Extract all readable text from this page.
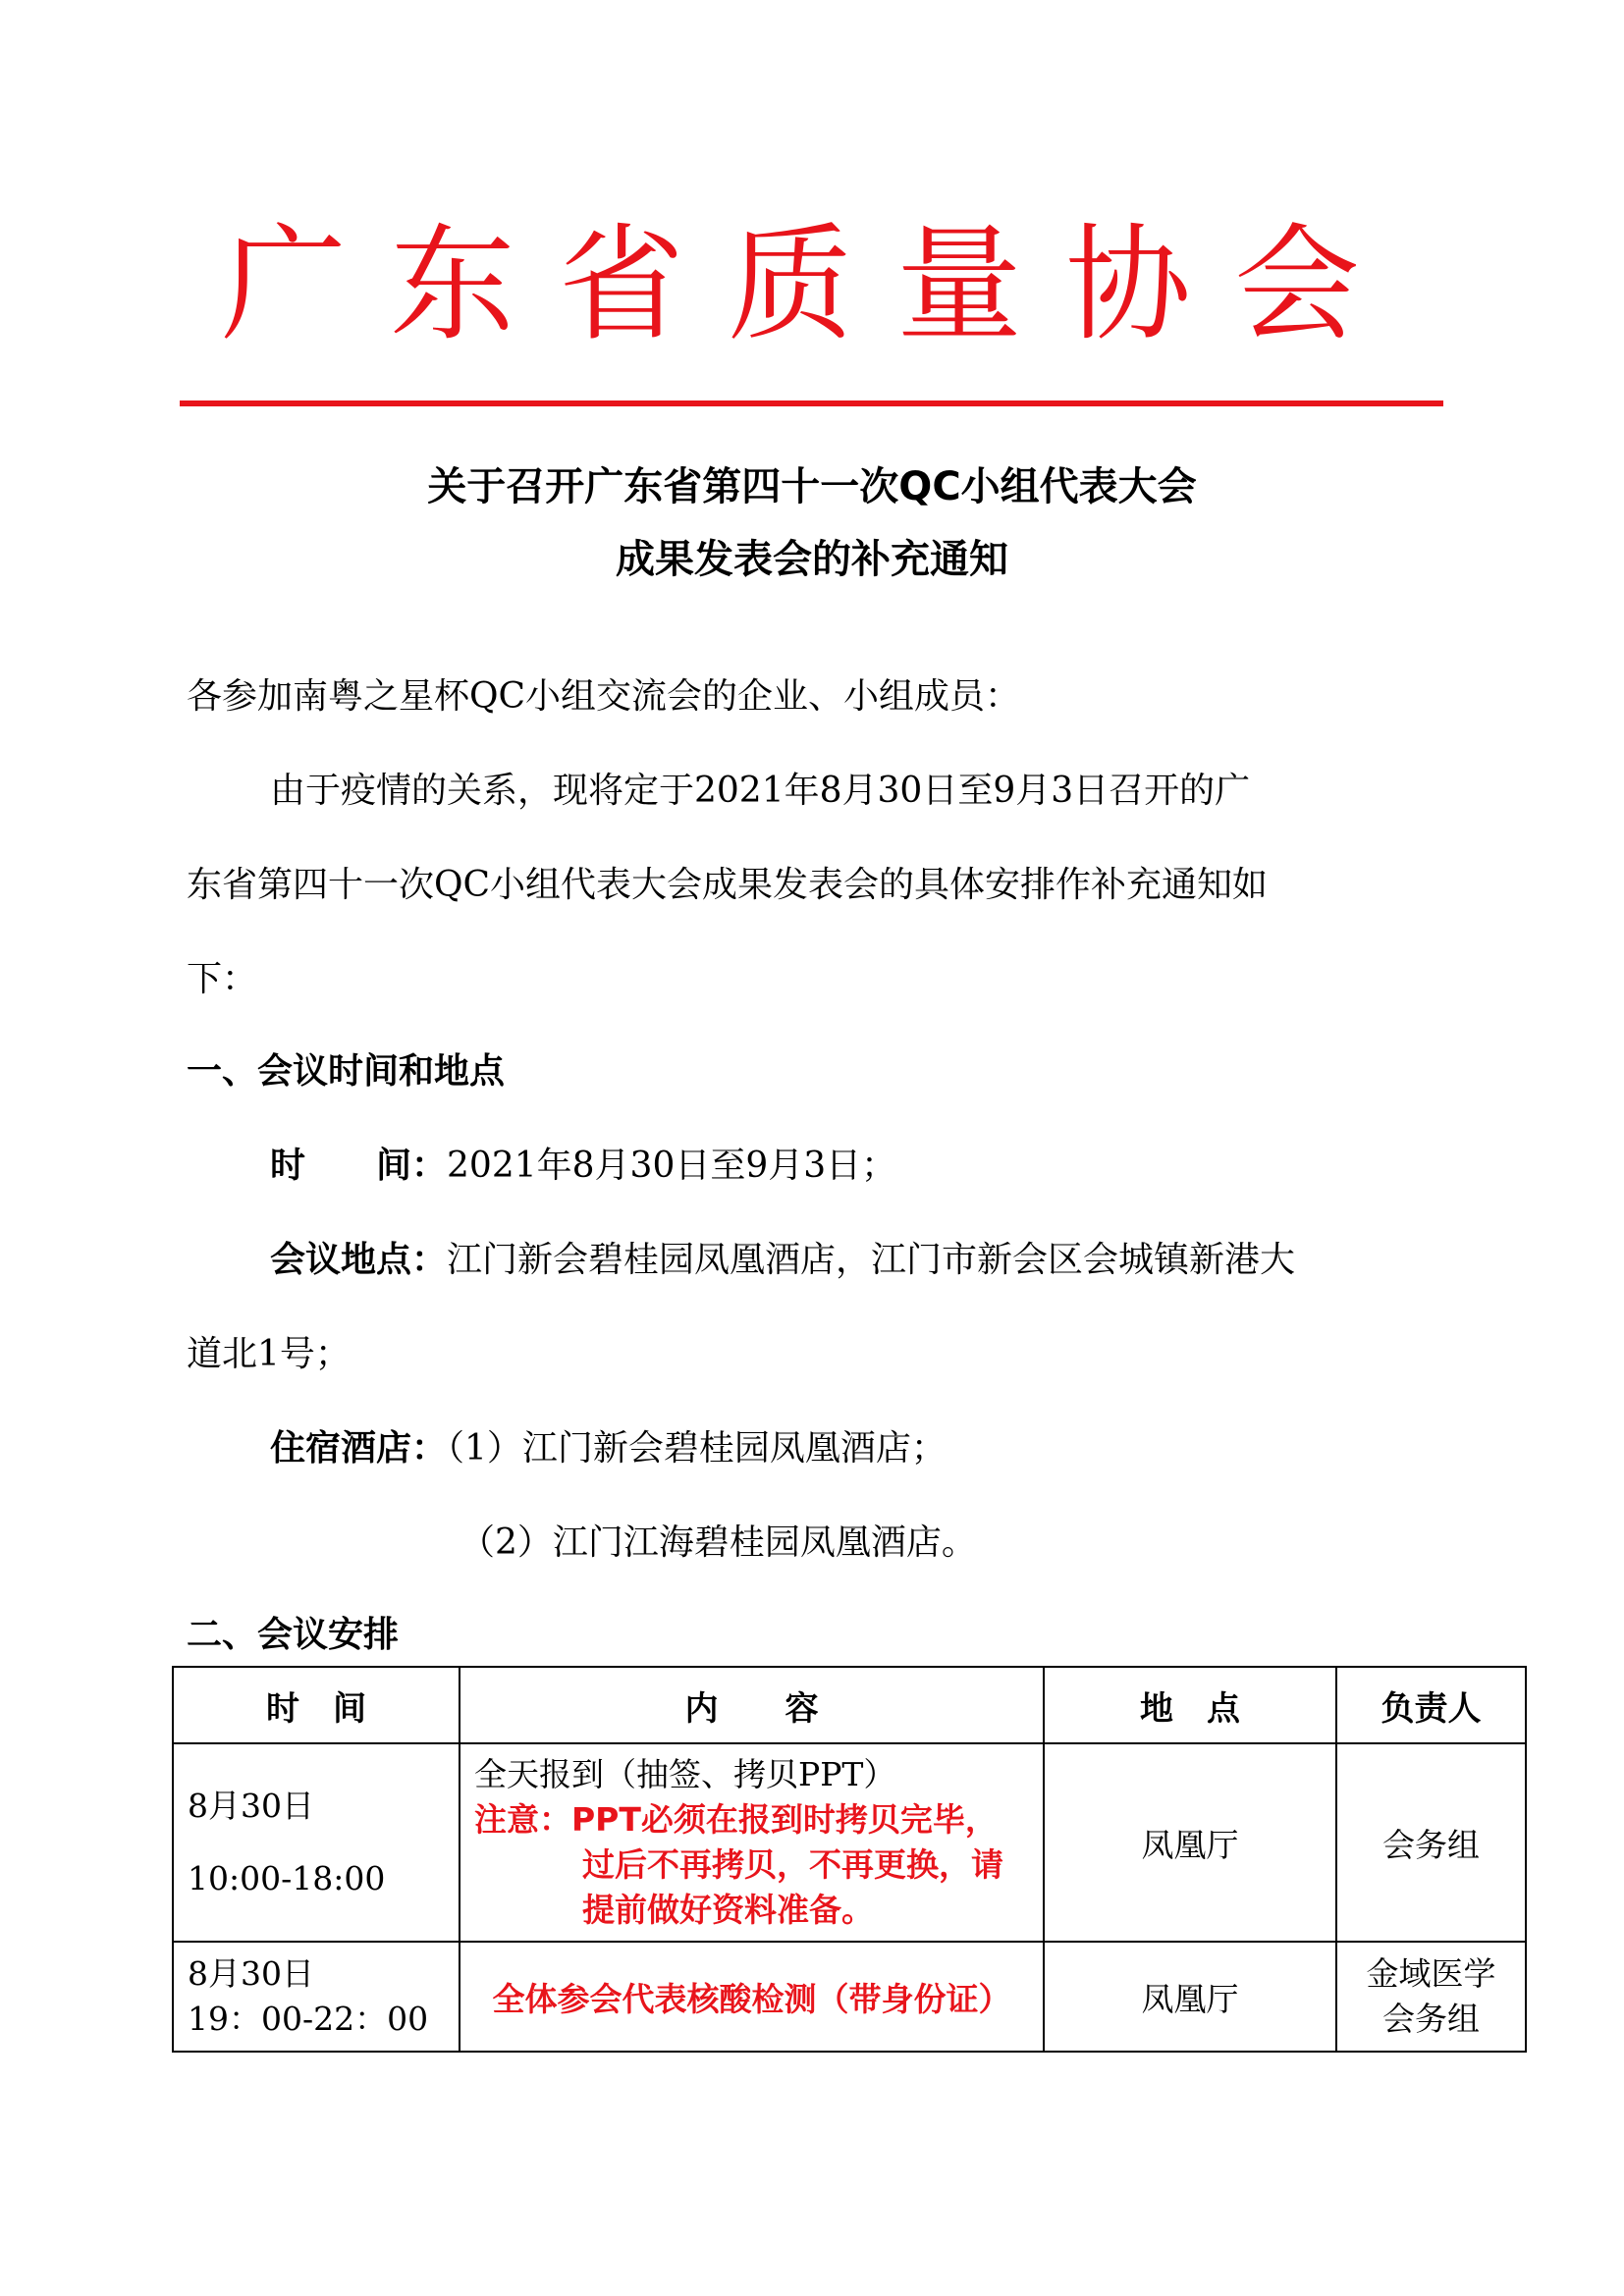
广东省质量协会
关于召开广东省第四十一次QC小组代表大会
成果发表会的补充通知
各参加南粤之星杯QC小组交流会的企业、小组成员：
由于疫情的关系，现将定于2021年8月30日至9月3日召开的广
东省第四十一次QC小组代表大会成果发表会的具体安排作补充通知如
下：
一、会议时间和地点
时　　间：2021年8月30日至9月3日；
会议地点：江门新会碧桂园凤凰酒店，江门市新会区会城镇新港大
道北1号；
住宿酒店：（1）江门新会碧桂园凤凰酒店；
（2）江门江海碧桂园凤凰酒店。
二、会议安排
时　间	内　　容	地　点	负责人

8月30日
10:00-18:00	全天报到（抽签、拷贝PPT）
注意：PPT必须在报到时拷贝完毕，
过后不再拷贝，不再更换，请
提前做好资料准备。	凤凰厅	会务组

8月30日
19：00-22：00	全体参会代表核酸检测（带身份证）	凤凰厅	金域医学
会务组
